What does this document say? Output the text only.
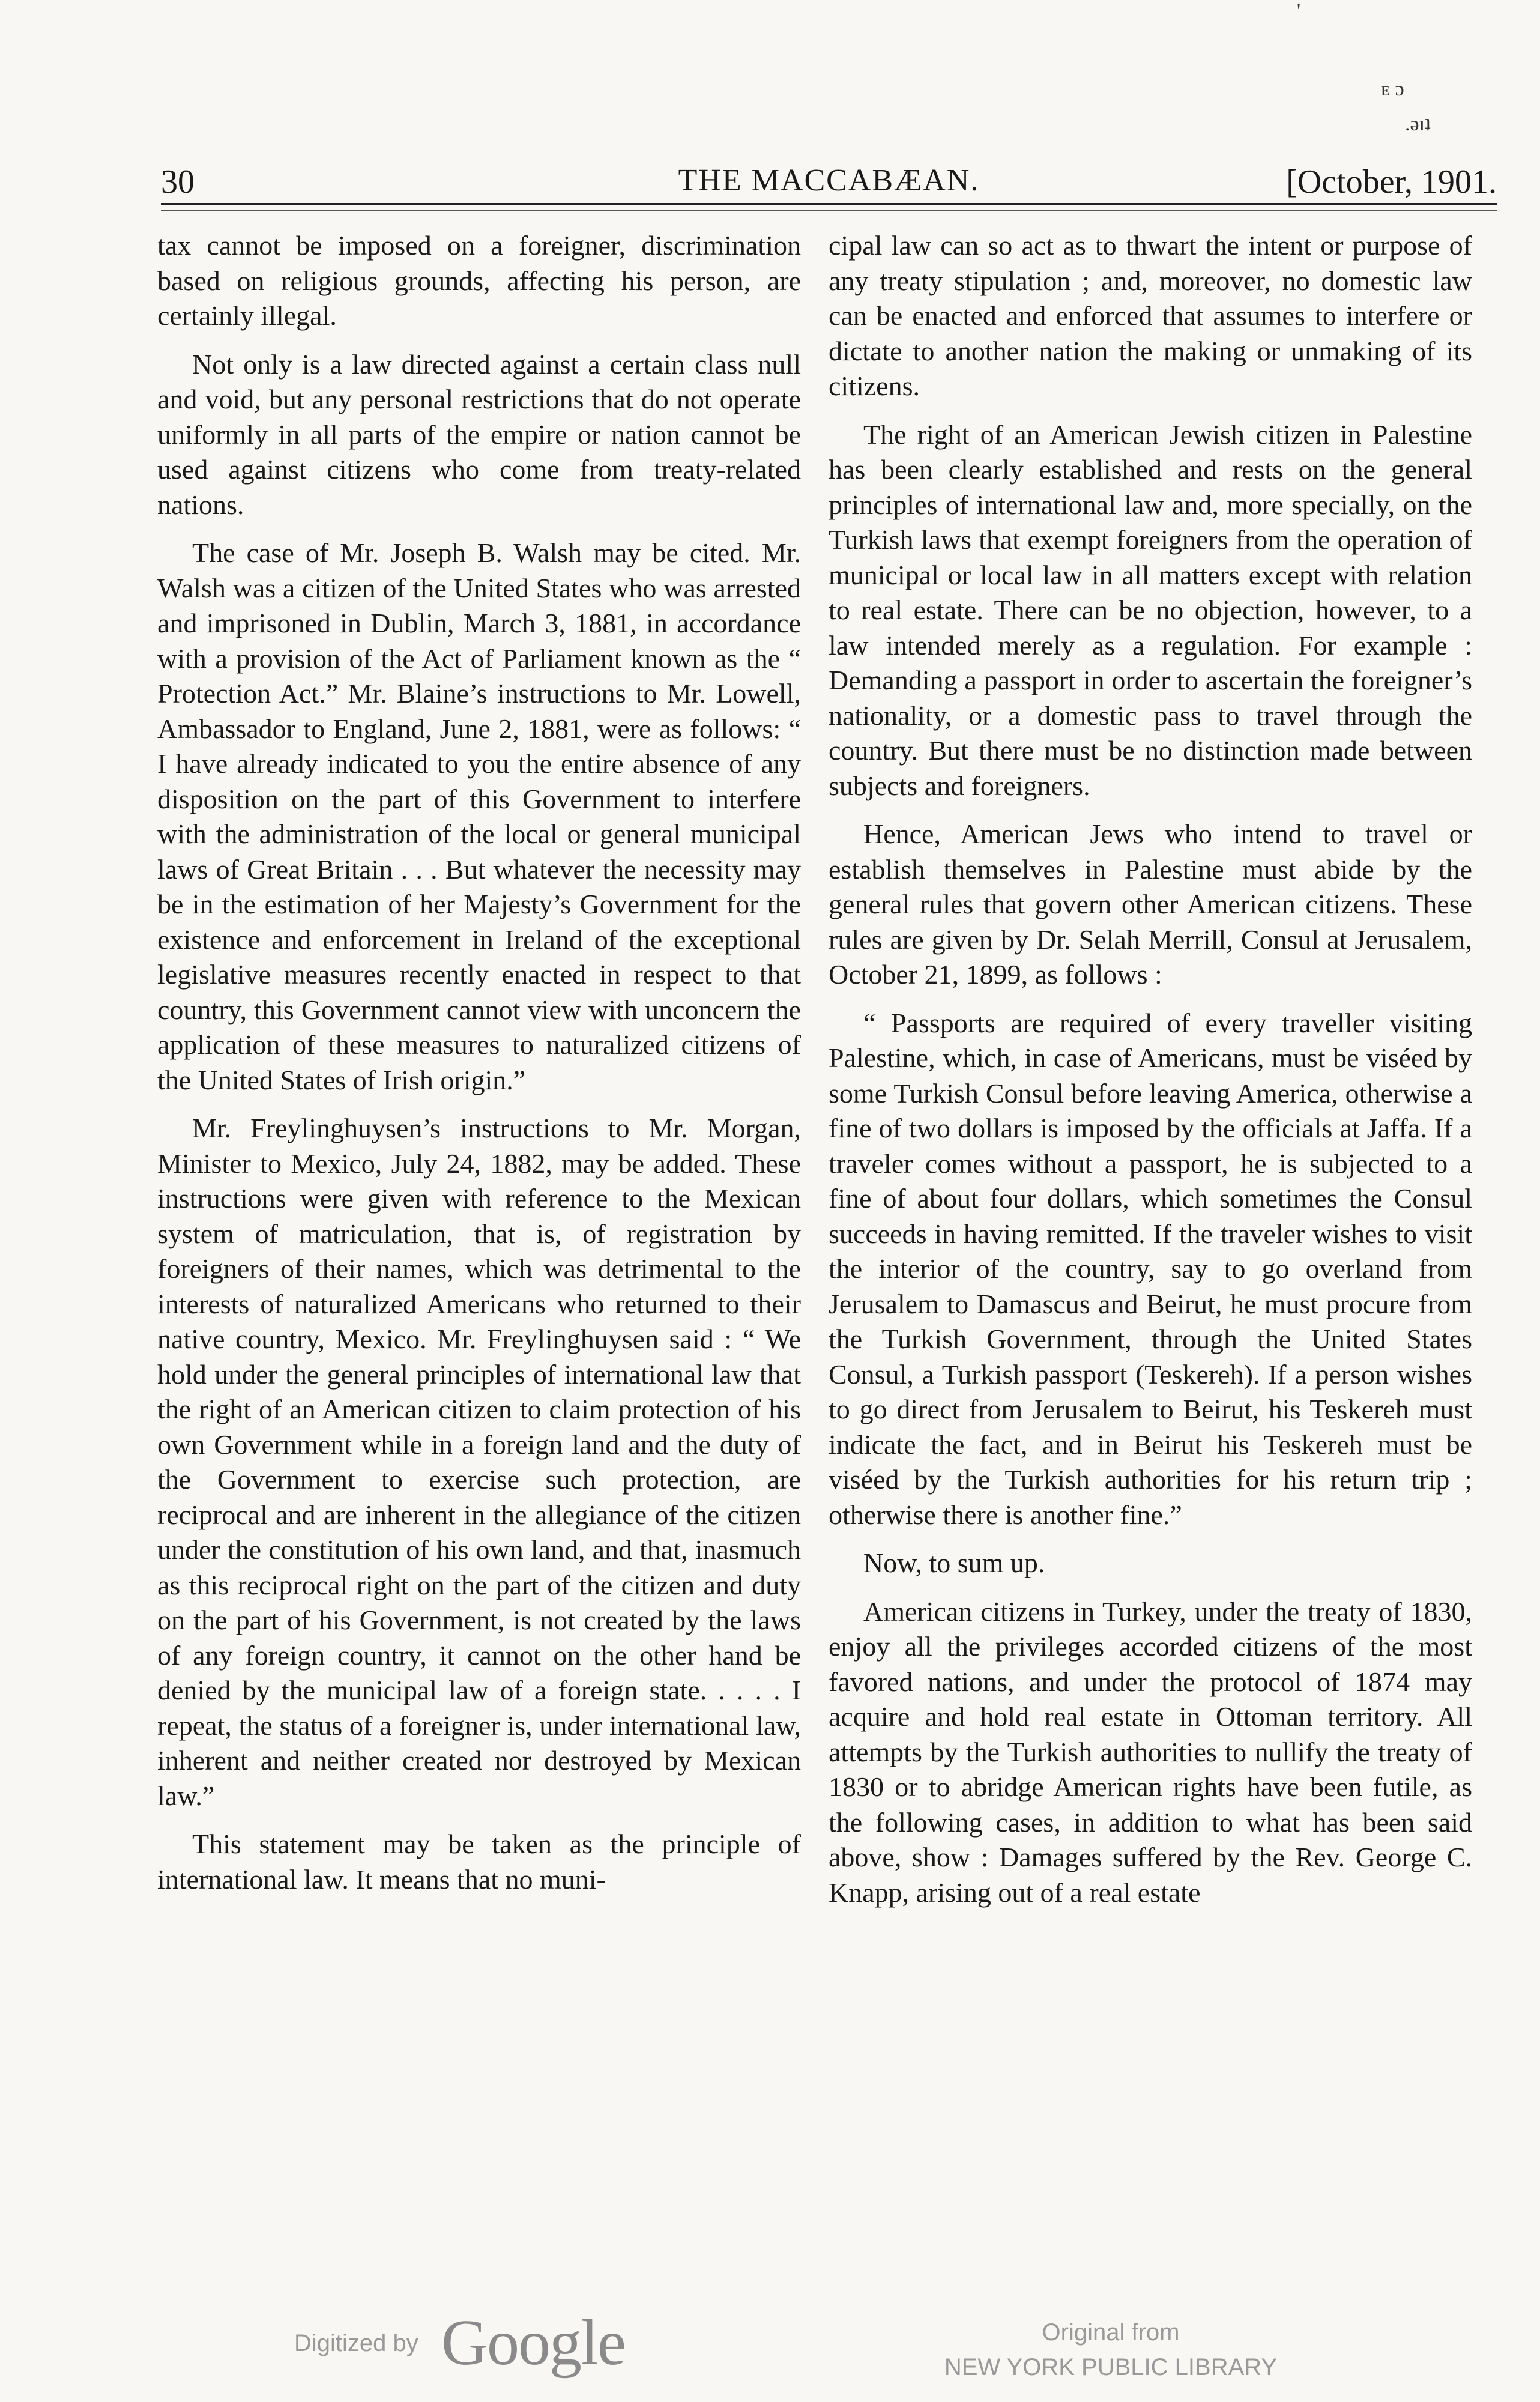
'
ᴇ ɔ
.ǝıʇ
THE MACCABÆAN.
30	[October, 1901.

tax cannot be imposed on a foreigner, discrimination based on religious grounds, affecting his person, are certainly illegal.

Not only is a law directed against a certain class null and void, but any personal restrictions that do not operate uniformly in all parts of the empire or nation cannot be used against citizens who come from treaty-related nations.

The case of Mr. Joseph B. Walsh may be cited. Mr. Walsh was a citizen of the United States who was arrested and imprisoned in Dublin, March 3, 1881, in accordance with a provision of the Act of Parliament known as the “ Protection Act.” Mr. Blaine’s instructions to Mr. Lowell, Ambassador to England, June 2, 1881, were as follows: “ I have already indicated to you the entire absence of any disposition on the part of this Government to interfere with the administration of the local or general municipal laws of Great Britain . . . But whatever the necessity may be in the estimation of her Majesty’s Government for the existence and enforcement in Ireland of the exceptional legislative measures recently enacted in respect to that country, this Government cannot view with unconcern the application of these measures to naturalized citizens of the United States of Irish origin.”

Mr. Freylinghuysen’s instructions to Mr. Morgan, Minister to Mexico, July 24, 1882, may be added. These instructions were given with reference to the Mexican system of matriculation, that is, of registration by foreigners of their names, which was detrimental to the interests of naturalized Americans who returned to their native country, Mexico. Mr. Freylinghuysen said : “ We hold under the general principles of international law that the right of an American citizen to claim protection of his own Government while in a foreign land and the duty of the Government to exercise such protection, are reciprocal and are inherent in the allegiance of the citizen under the constitution of his own land, and that, inasmuch as this reciprocal right on the part of the citizen and duty on the part of his Government, is not created by the laws of any foreign country, it cannot on the other hand be denied by the municipal law of a foreign state. . . . . I repeat, the status of a foreigner is, under international law, inherent and neither created nor destroyed by Mexican law.”

This statement may be taken as the principle of international law. It means that no muni-

cipal law can so act as to thwart the intent or purpose of any treaty stipulation ; and, moreover, no domestic law can be enacted and enforced that assumes to interfere or dictate to another nation the making or unmaking of its citizens.

The right of an American Jewish citizen in Palestine has been clearly established and rests on the general principles of international law and, more specially, on the Turkish laws that exempt foreigners from the operation of municipal or local law in all matters except with relation to real estate. There can be no objection, however, to a law intended merely as a regulation. For example : Demanding a passport in order to ascertain the foreigner’s nationality, or a domestic pass to travel through the country. But there must be no distinction made between subjects and foreigners.

Hence, American Jews who intend to travel or establish themselves in Palestine must abide by the general rules that govern other American citizens. These rules are given by Dr. Selah Merrill, Consul at Jerusalem, October 21, 1899, as follows :

“ Passports are required of every traveller visiting Palestine, which, in case of Americans, must be viséed by some Turkish Consul before leaving America, otherwise a fine of two dollars is imposed by the officials at Jaffa. If a traveler comes without a passport, he is subjected to a fine of about four dollars, which sometimes the Consul succeeds in having remitted. If the traveler wishes to visit the interior of the country, say to go overland from Jerusalem to Damascus and Beirut, he must procure from the Turkish Government, through the United States Consul, a Turkish passport (Teskereh). If a person wishes to go direct from Jerusalem to Beirut, his Teskereh must indicate the fact, and in Beirut his Teskereh must be viséed by the Turkish authorities for his return trip ; otherwise there is another fine.”

Now, to sum up.

American citizens in Turkey, under the treaty of 1830, enjoy all the privileges accorded citizens of the most favored nations, and under the protocol of 1874 may acquire and hold real estate in Ottoman territory. All attempts by the Turkish authorities to nullify the treaty of 1830 or to abridge American rights have been futile, as the following cases, in addition to what has been said above, show : Damages suffered by the Rev. George C. Knapp, arising out of a real estate

Digitized by Google	Original from
NEW YORK PUBLIC LIBRARY
